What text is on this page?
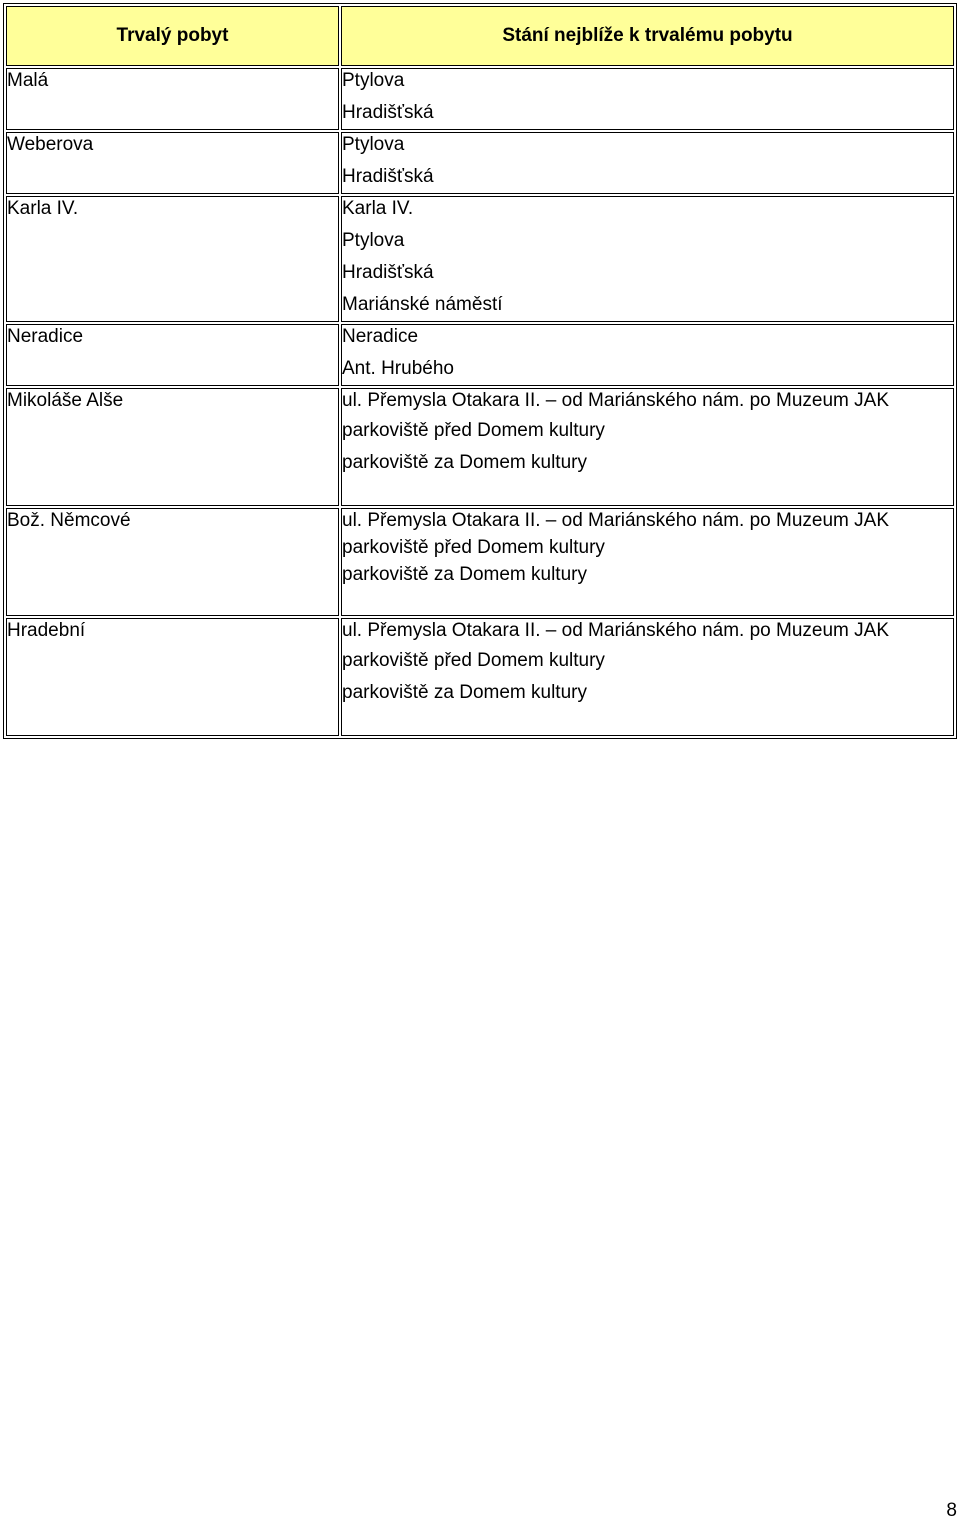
Trvalý pobyt	Stání nejblíže k trvalému pobytu
Malá	Ptylova
Hradišťská

Weberova	Ptylova
Hradišťská

Karla IV.	Karla IV.
Ptylova
Hradišťská
Mariánské náměstí

Neradice	Neradice
Ant. Hrubého

Mikoláše Alše	ul. Přemysla Otakara II. – od Mariánského nám. po Muzeum JAK
parkoviště před Domem kultury
parkoviště za Domem kultury

Bož. Němcové	ul. Přemysla Otakara II. – od Mariánského nám. po Muzeum JAK
parkoviště před Domem kultury
parkoviště za Domem kultury

Hradební	ul. Přemysla Otakara II. – od Mariánského nám. po Muzeum JAK
parkoviště před Domem kultury
parkoviště za Domem kultury
8
